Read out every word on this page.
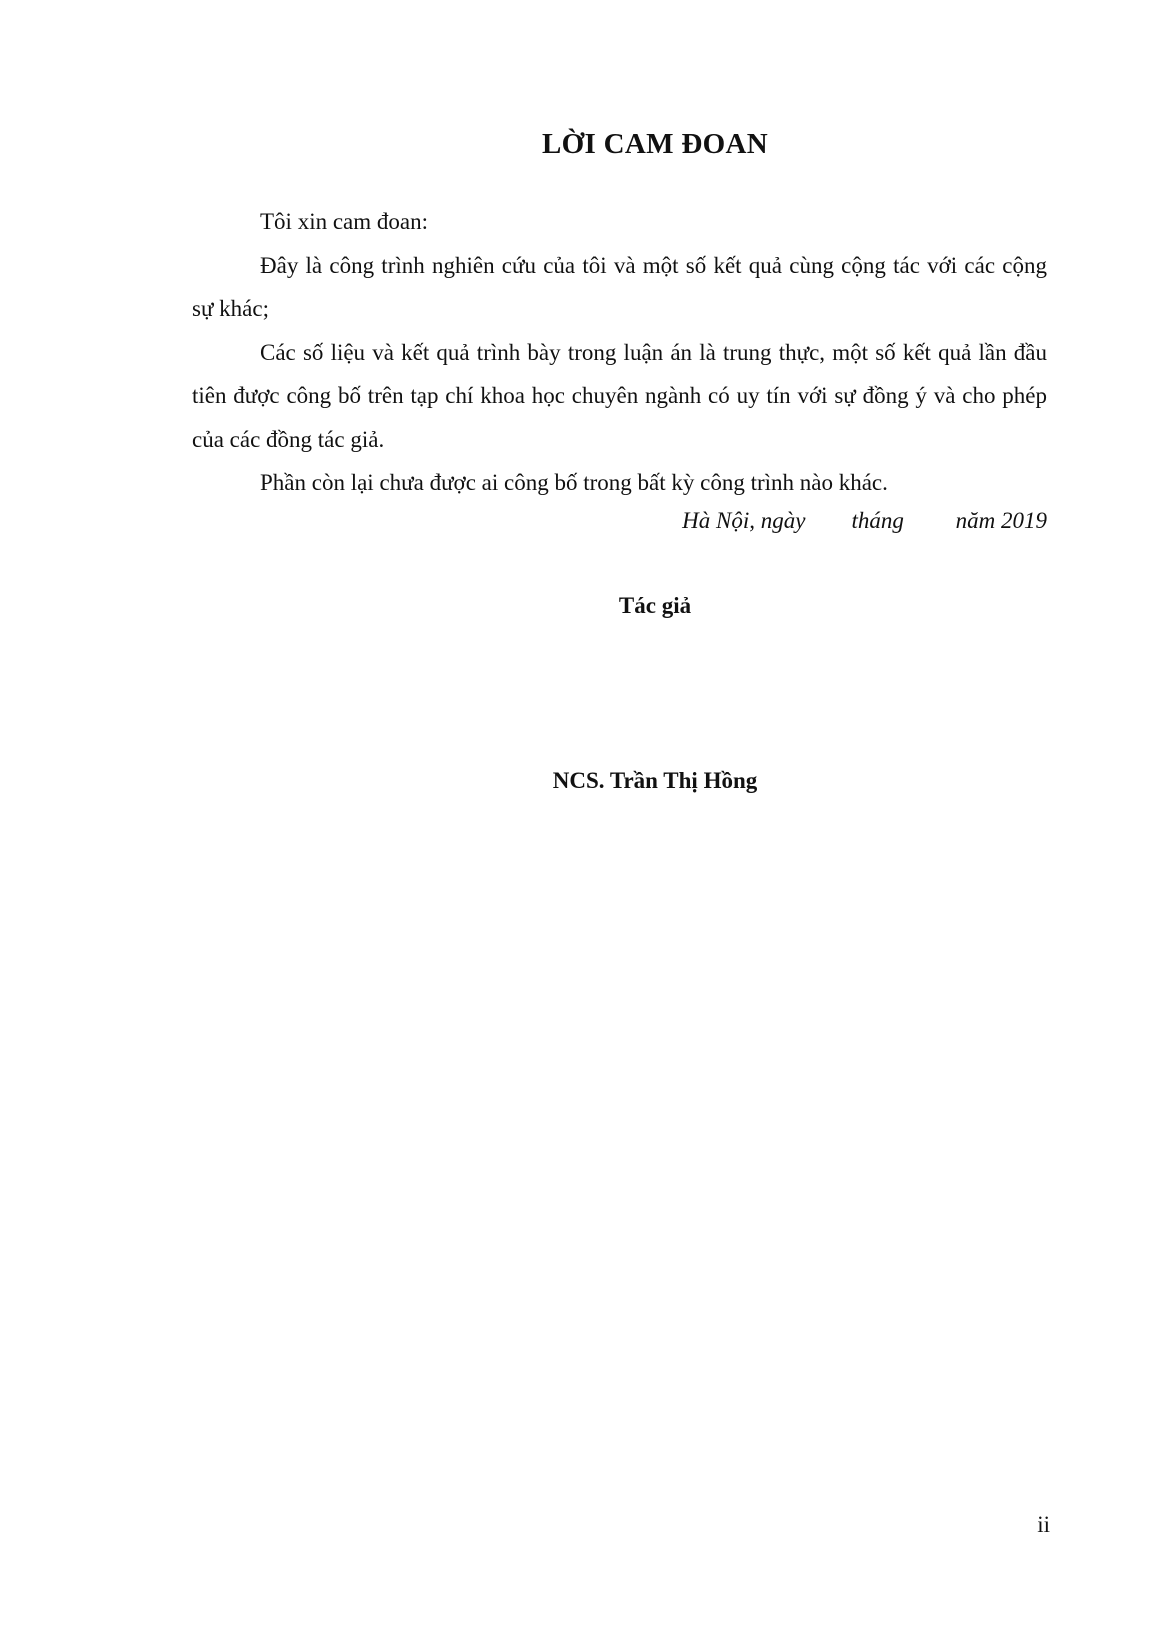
LỜI CAM ĐOAN

Tôi xin cam đoan:

Đây là công trình nghiên cứu của tôi và một số kết quả cùng cộng tác với các cộng sự khác;

Các số liệu và kết quả trình bày trong luận án là trung thực, một số kết quả lần đầu tiên được công bố trên tạp chí khoa học chuyên ngành có uy tín với sự đồng ý và cho phép của các đồng tác giả.

Phần còn lại chưa được ai công bố trong bất kỳ công trình nào khác.

Hà Nội, ngày tháng năm 2019
Tác giả
NCS. Trần Thị Hồng
ii
